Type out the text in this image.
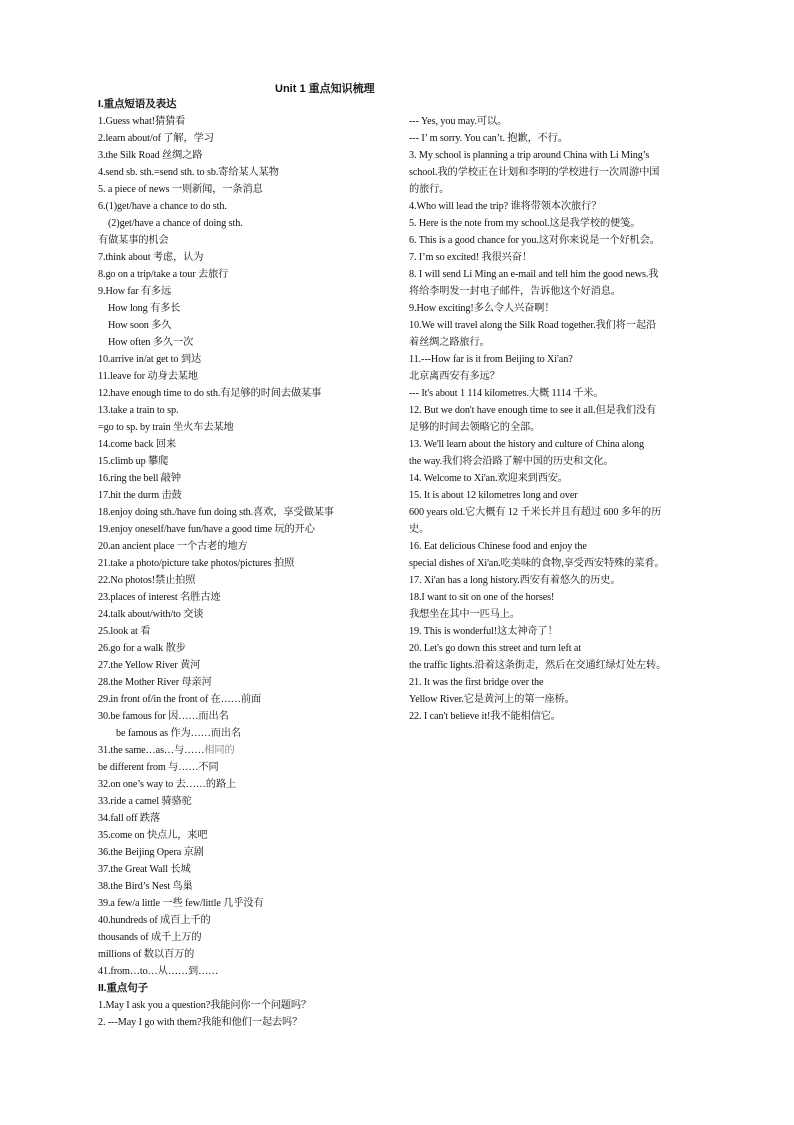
Unit 1 重点知识梳理
I.重点短语及表达
1.Guess what!猜猜看
2.learn about/of 了解，学习
3.the Silk Road 丝绸之路
4.send sb. sth.=send sth. to sb.寄给某人某物
5. a piece of news 一则新闻，一条消息
6.(1)get/have a chance to do sth.
(2)get/have a chance of doing sth.
有做某事的机会
7.think about 考虑，认为
8.go on a trip/take a tour 去旅行
9.How far 有多远
How long 有多长
How soon 多久
How often 多久一次
10.arrive in/at get to 到达
11.leave for 动身去某地
12.have enough time to do sth.有足够的时间去做某事
13.take a train to sp.
=go to sp. by train 坐火车去某地
14.come back 回来
15.climb up 攀爬
16.ring the bell 敲钟
17.hit the durm 击鼓
18.enjoy doing sth./have fun doing sth.喜欢，享受做某事
19.enjoy oneself/have fun/have a good time 玩的开心
20.an ancient place 一个古老的地方
21.take a photo/picture take photos/pictures 拍照
22.No photos!禁止拍照
23.places of interest 名胜古迹
24.talk about/with/to 交谈
25.look at 看
26.go for a walk 散步
27.the Yellow River 黄河
28.the Mother River 母亲河
29.in front of/in the front of 在……前面
30.be famous for 因……而出名
be famous as 作为……而出名
31.the same…as…与……相同的
be different from 与……不同
32.on one’s way to 去……的路上
33.ride a camel 骑骆驼
34.fall off 跌落
35.come on 快点儿，来吧
36.the Beijing Opera 京剧
37.the Great Wall 长城
38.the Bird’s Nest 鸟巢
39.a few/a little 一些 few/little 几乎没有
40.hundreds of 成百上千的
thousands of 成千上万的
millions of 数以百万的
41.from…to…从……到……
II.重点句子
1.May I ask you a question?我能问你一个问题吗？
2. ---May I go with them?我能和他们一起去吗？
--- Yes, you may.可以。
--- I’ m sorry. You can’t. 抱歉，不行。
3. My school is planning a trip around China with Li Ming’s
school.我的学校正在计划和李明的学校进行一次周游中国
的旅行。
4.Who will lead the trip? 谁将带领本次旅行？
5. Here is the note from my school.这是我学校的便笺。
6. This is a good chance for you.这对你来说是一个好机会。
7. I’m so excited! 我很兴奋！
8. I will send Li Ming an e-mail and tell him the good news.我
将给李明发一封电子邮件，告诉他这个好消息。
9.How exciting!多么令人兴奋啊！
10.We will travel along the Silk Road together.我们将一起沿
着丝绸之路旅行。
11.---How far is it from Beijing to Xi'an?
北京离西安有多远？
--- It's about 1 114 kilometres.大概 1114 千米。
12. But we don't have enough time to see it all.但是我们没有
足够的时间去领略它的全部。
13. We'll learn about the history and culture of China along
the way.我们将会沿路了解中国的历史和文化。
14. Welcome to Xi'an.欢迎来到西安。
15. It is about 12 kilometres long and over
600 years old.它大概有 12 千米长并且有超过 600 多年的历
史。
16. Eat delicious Chinese food and enjoy the
special dishes of Xi'an.吃美味的食物,享受西安特殊的菜肴。
17. Xi'an has a long history.西安有着悠久的历史。
18.I want to sit on one of the horses!
我想坐在其中一匹马上。
19. This is wonderful!这太神奇了！
20. Let's go down this street and turn left at
the traffic lights.沿着这条街走，然后在交通红绿灯处左转。
21. It was the first bridge over the
Yellow River.它是黄河上的第一座桥。
22. I can't believe it!我不能相信它。
